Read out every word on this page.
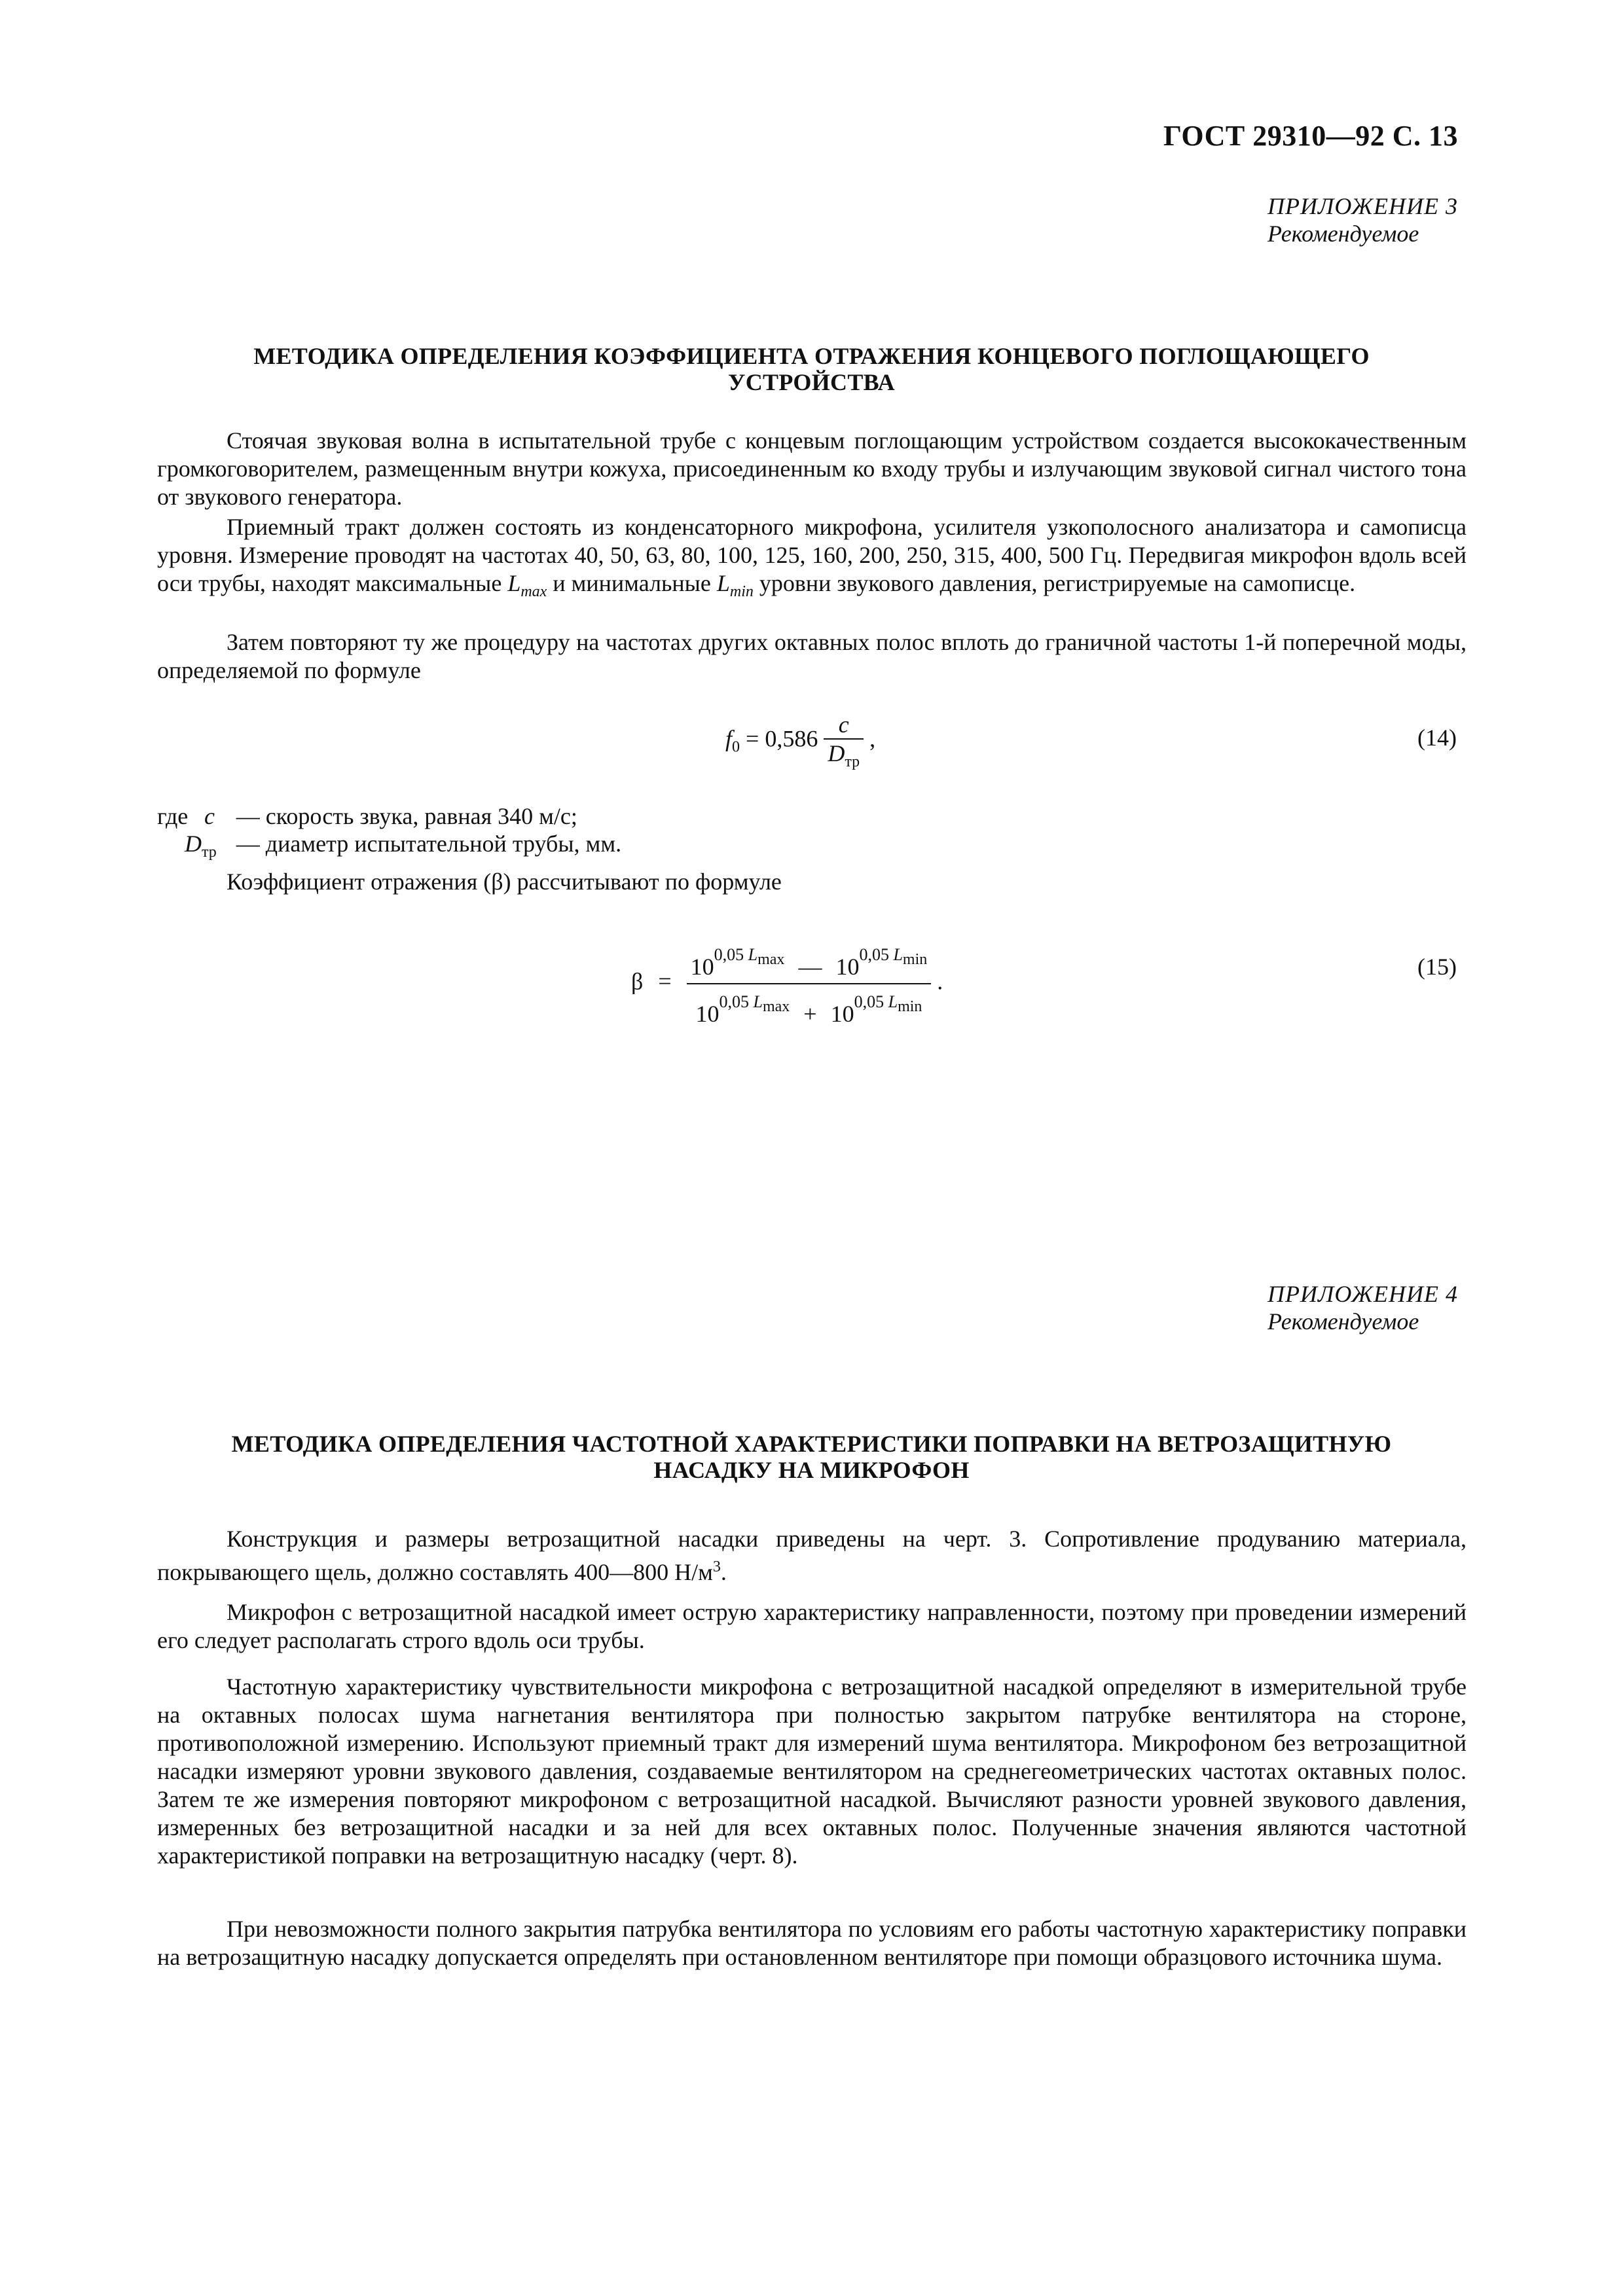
ГОСТ 29310—92 С. 13
ПРИЛОЖЕНИЕ 3
Рекомендуемое
МЕТОДИКА ОПРЕДЕЛЕНИЯ КОЭФФИЦИЕНТА ОТРАЖЕНИЯ КОНЦЕВОГО ПОГЛОЩАЮЩЕГО
УСТРОЙСТВА

Стоячая звуковая волна в испытательной трубе с концевым поглощающим устройством создается высококачественным громкоговорителем, размещенным внутри кожуха, присоединенным ко входу трубы и излучающим звуковой сигнал чистого тона от звукового генератора.

Приемный тракт должен состоять из конденсаторного микрофона, усилителя узкополосного анализатора и самописца уровня. Измерение проводят на частотах 40, 50, 63, 80, 100, 125, 160, 200, 250, 315, 400, 500 Гц. Передвигая микрофон вдоль всей оси трубы, находят максимальные $L_{max}$ и минимальные $L_{min}$ уровни звукового давления, регистрируемые на самописце.

Затем повторяют ту же процедуру на частотах других октавных полос вплоть до граничной частоты 1-й поперечной моды, определяемой по формуле

$f_0 = 0,586 \frac{c}{D_{тр}}$ ,	(14)
где	c	— скорость звука, равная 340 м/с;
	$D_{тр}$	— диаметр испытательной трубы, мм.

Коэффициент отражения (β) рассчитывают по формуле

$\beta = \frac{10^{0,05 L_{max}} — 10^{0,05 L_{min}}}{10^{0,05 L_{max}} + 10^{0,05 L_{min}}}$ .
(15)
ПРИЛОЖЕНИЕ 4
Рекомендуемое
МЕТОДИКА ОПРЕДЕЛЕНИЯ ЧАСТОТНОЙ ХАРАКТЕРИСТИКИ ПОПРАВКИ НА ВЕТРОЗАЩИТНУЮ
НАСАДКУ НА МИКРОФОН

Конструкция и размеры ветрозащитной насадки приведены на черт. 3. Сопротивление продуванию материала, покрывающего щель, должно составлять 400—800 $Н/м^3$.

Микрофон с ветрозащитной насадкой имеет острую характеристику направленности, поэтому при проведении измерений его следует располагать строго вдоль оси трубы.

Частотную характеристику чувствительности микрофона с ветрозащитной насадкой определяют в измерительной трубе на октавных полосах шума нагнетания вентилятора при полностью закрытом патрубке вентилятора на стороне, противоположной измерению. Используют приемный тракт для измерений шума вентилятора. Микрофоном без ветрозащитной насадки измеряют уровни звукового давления, создаваемые вентилятором на среднегеометрических частотах октавных полос. Затем те же измерения повторяют микрофоном с ветрозащитной насадкой. Вычисляют разности уровней звукового давления, измеренных без ветрозащитной насадки и за ней для всех октавных полос. Полученные значения являются частотной характеристикой поправки на ветрозащитную насадку (черт. 8).

При невозможности полного закрытия патрубка вентилятора по условиям его работы частотную характеристику поправки на ветрозащитную насадку допускается определять при остановленном вентиляторе при помощи образцового источника шума.
